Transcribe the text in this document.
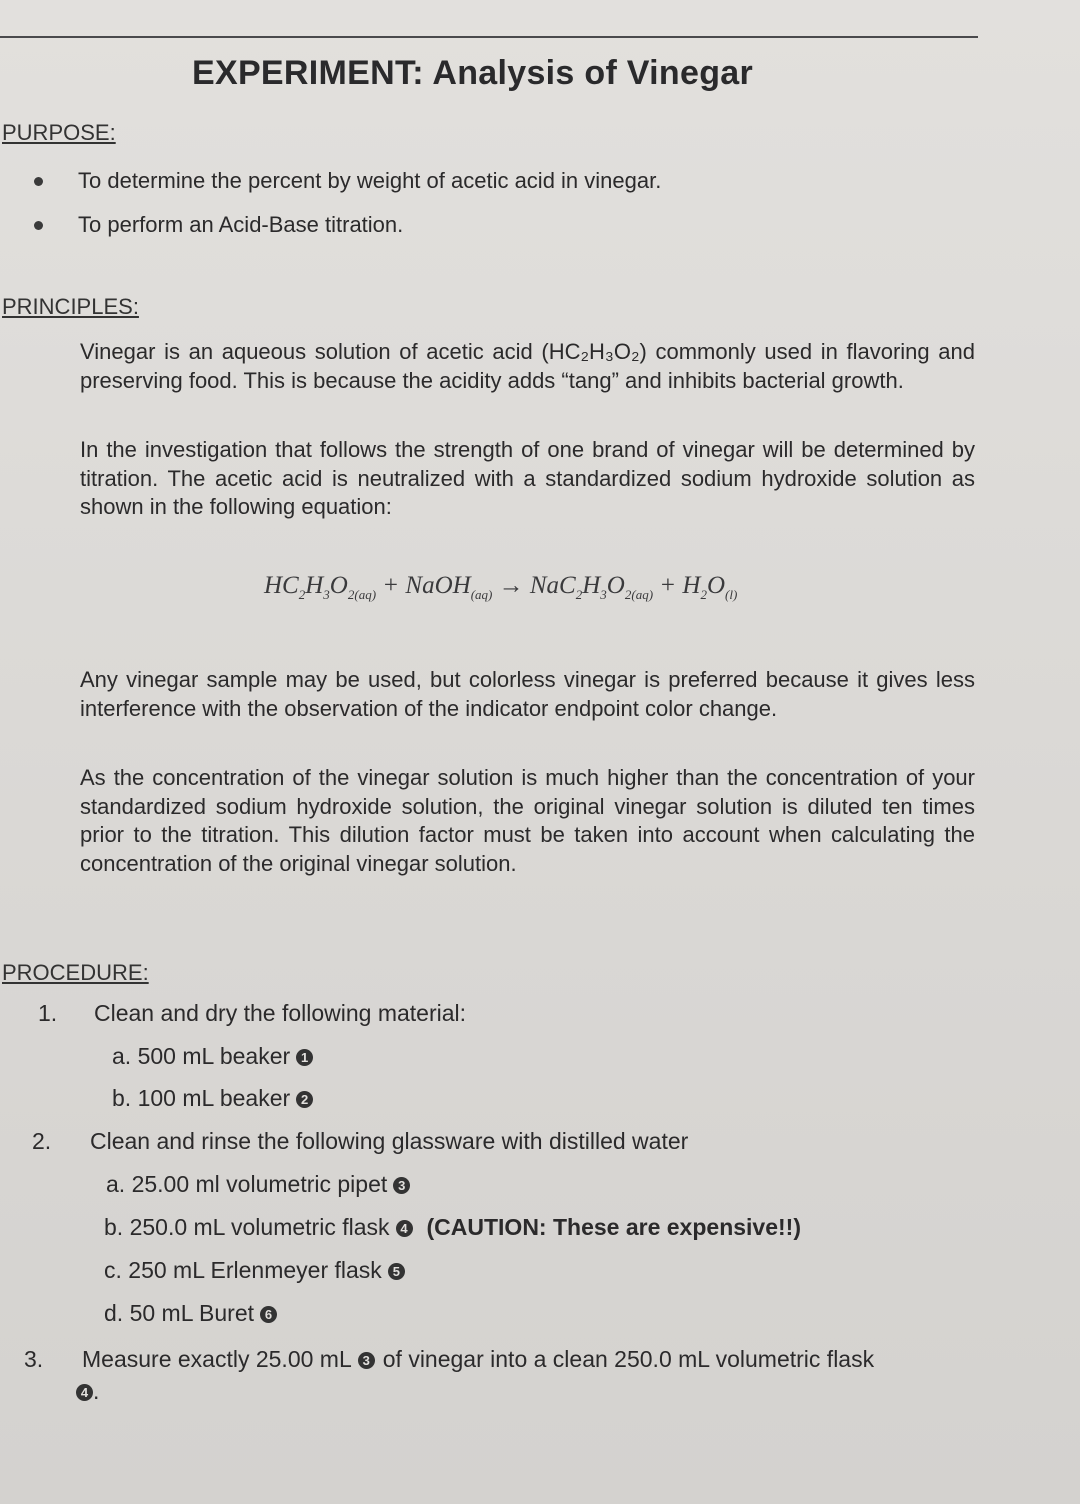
EXPERIMENT: Analysis of Vinegar
PURPOSE:
To determine the percent by weight of acetic acid in vinegar.
To perform an Acid-Base titration.
PRINCIPLES:
Vinegar is an aqueous solution of acetic acid (HC₂H₃O₂) commonly used in flavoring and preserving food. This is because the acidity adds “tang” and inhibits bacterial growth.
In the investigation that follows the strength of one brand of vinegar will be determined by titration. The acetic acid is neutralized with a standardized sodium hydroxide solution as shown in the following equation:
$HC_2H_3O_{2(aq)}$ + NaOH$_{(aq)}$ → $NaC_2H_3O_{2(aq)} + H_2O_{(l)}$
Any vinegar sample may be used, but colorless vinegar is preferred because it gives less interference with the observation of the indicator endpoint color change.
As the concentration of the vinegar solution is much higher than the concentration of your standardized sodium hydroxide solution, the original vinegar solution is diluted ten times prior to the titration. This dilution factor must be taken into account when calculating the concentration of the original vinegar solution.
PROCEDURE:
1. Clean and dry the following material:
a. 500 mL beaker 1
b. 100 mL beaker 2
2. Clean and rinse the following glassware with distilled water
a. 25.00 ml volumetric pipet 3
b. 250.0 mL volumetric flask 4 (CAUTION: These are expensive!!)
c. 250 mL Erlenmeyer flask 5
d. 50 mL Buret 6
3. Measure exactly 25.00 mL 3 of vinegar into a clean 250.0 mL volumetric flask
4 .
